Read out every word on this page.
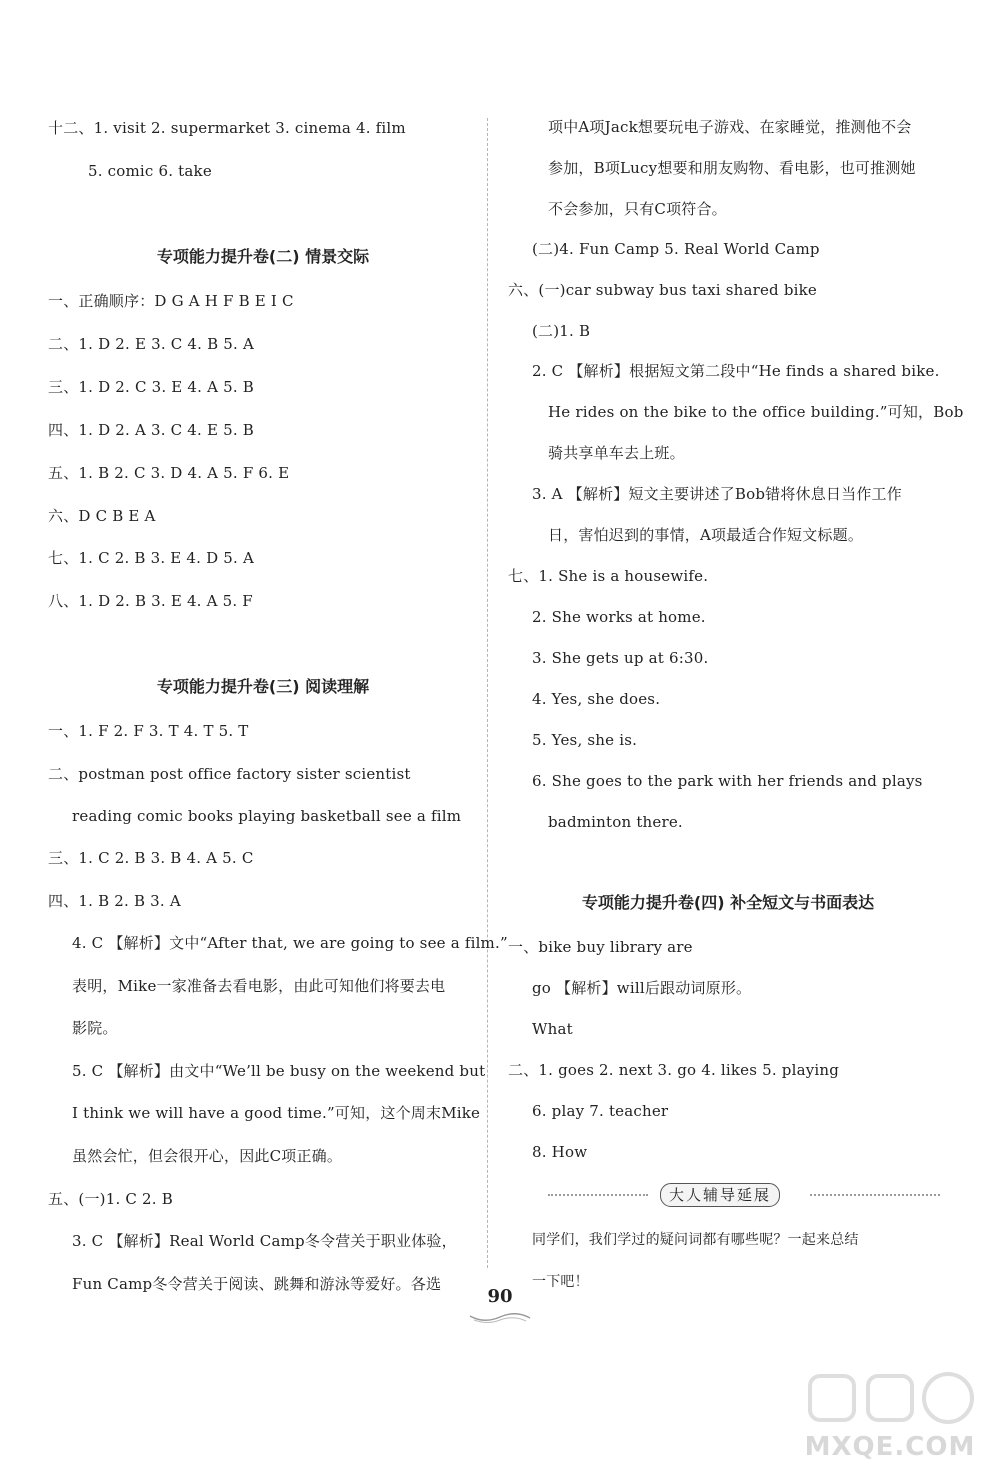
十二、1. visit 2. supermarket 3. cinema 4. film
5. comic 6. take
专项能力提升卷(二) 情景交际
一、正确顺序：D G A H F B E I C
二、1. D 2. E 3. C 4. B 5. A
三、1. D 2. C 3. E 4. A 5. B
四、1. D 2. A 3. C 4. E 5. B
五、1. B 2. C 3. D 4. A 5. F 6. E
六、D C B E A
七、1. C 2. B 3. E 4. D 5. A
八、1. D 2. B 3. E 4. A 5. F
专项能力提升卷(三) 阅读理解
一、1. F 2. F 3. T 4. T 5. T
二、postman post office factory sister scientist
reading comic books playing basketball see a film
三、1. C 2. B 3. B 4. A 5. C
四、1. B 2. B 3. A
4. C 【解析】文中“After that, we are going to see a film.”
表明，Mike一家准备去看电影，由此可知他们将要去电
影院。
5. C 【解析】由文中“We’ll be busy on the weekend but
I think we will have a good time.”可知，这个周末Mike
虽然会忙，但会很开心，因此C项正确。
五、(一)1. C 2. B
3. C 【解析】Real World Camp冬令营关于职业体验，
Fun Camp冬令营关于阅读、跳舞和游泳等爱好。各选
项中A项Jack想要玩电子游戏、在家睡觉，推测他不会
参加，B项Lucy想要和朋友购物、看电影，也可推测她
不会参加，只有C项符合。
(二)4. Fun Camp 5. Real World Camp
六、(一)car subway bus taxi shared bike
(二)1. B
2. C 【解析】根据短文第二段中“He finds a shared bike.
He rides on the bike to the office building.”可知，Bob
骑共享单车去上班。
3. A 【解析】短文主要讲述了Bob错将休息日当作工作
日，害怕迟到的事情，A项最适合作短文标题。
七、1. She is a housewife.
2. She works at home.
3. She gets up at 6:30.
4. Yes, she does.
5. Yes, she is.
6. She goes to the park with her friends and plays
badminton there.
专项能力提升卷(四) 补全短文与书面表达
一、bike buy library are
go 【解析】will后跟动词原形。
What
二、1. goes 2. next 3. go 4. likes 5. playing
6. play 7. teacher
8. How
同学们，我们学过的疑问词都有哪些呢？一起来总结
一下吧！
大人辅导延展
90
MXQE.COM
